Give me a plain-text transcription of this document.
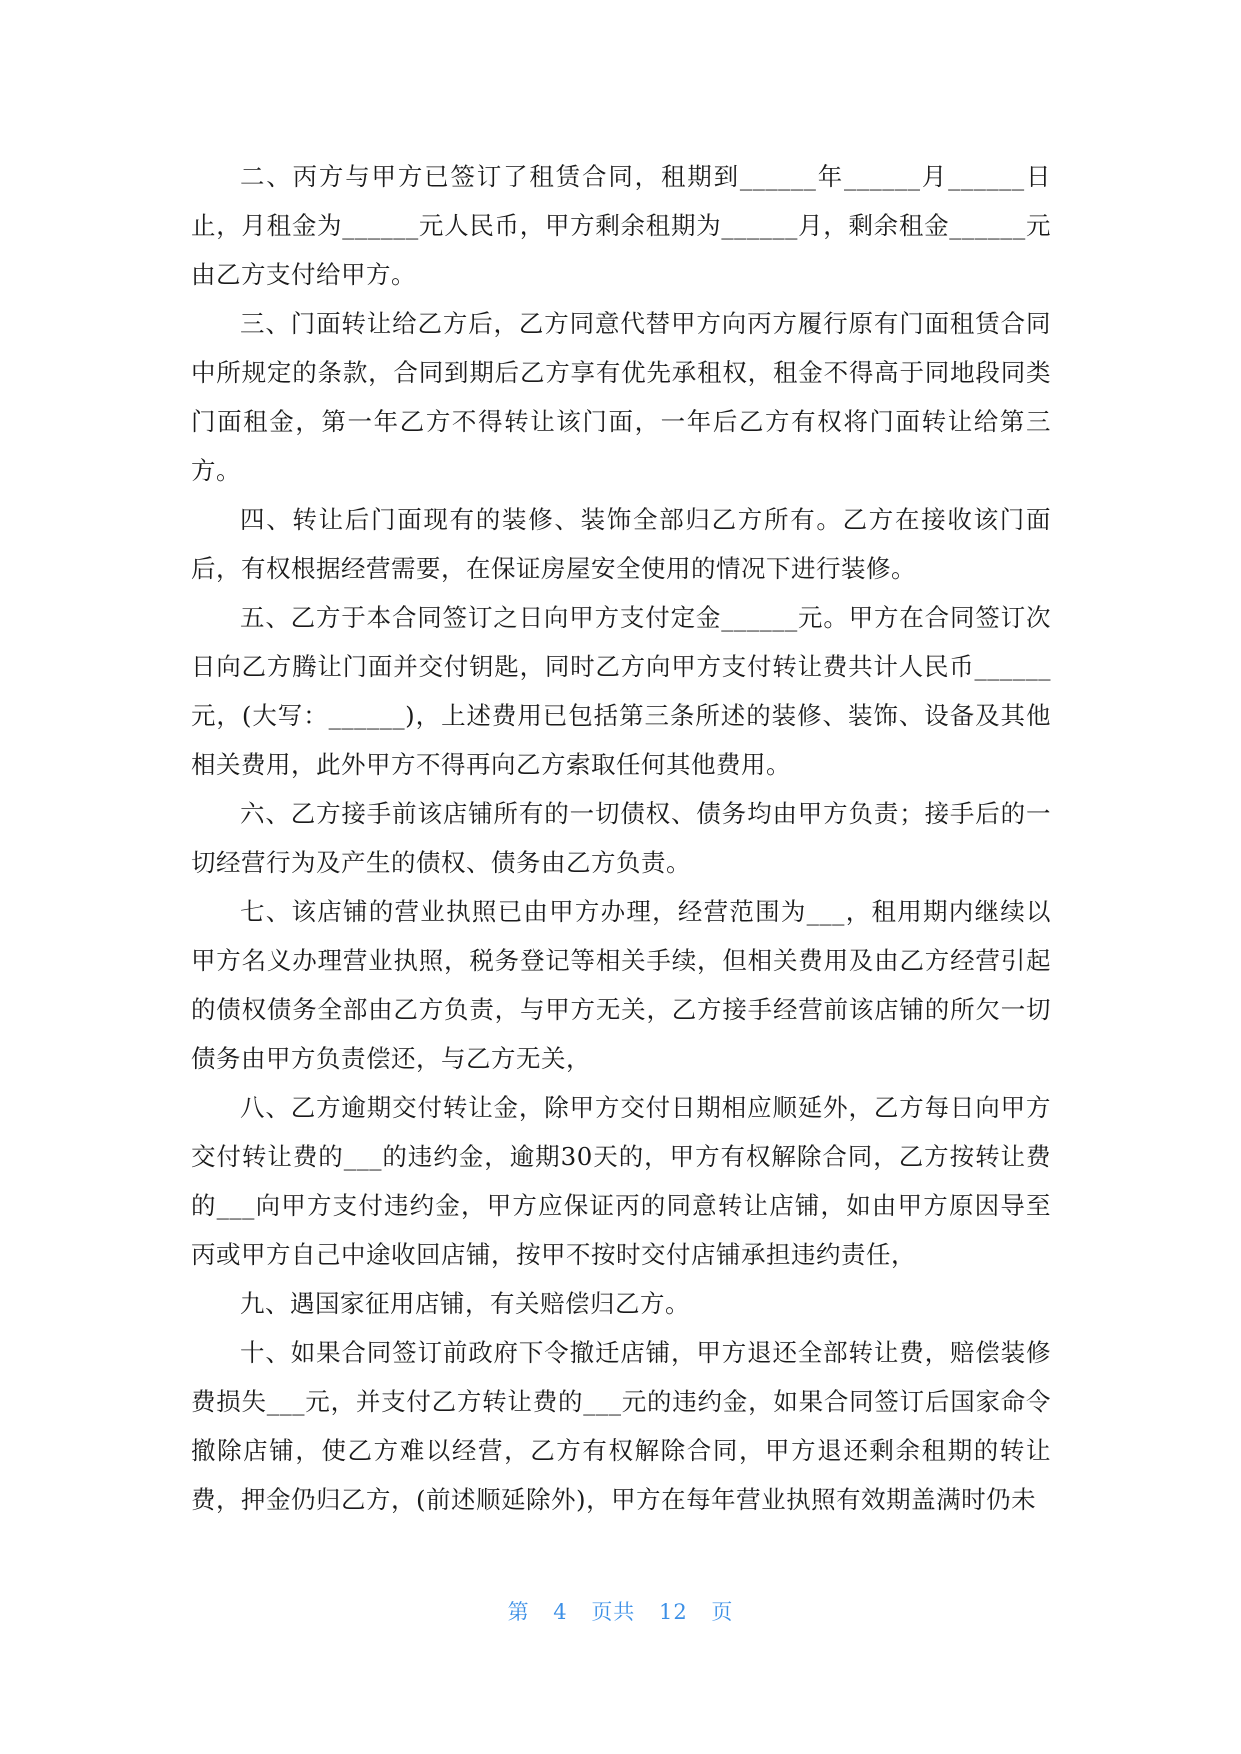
二、丙方与甲方已签订了租赁合同，租期到______年______月______日止，月租金为______元人民币，甲方剩余租期为______月，剩余租金______元由乙方支付给甲方。

三、门面转让给乙方后，乙方同意代替甲方向丙方履行原有门面租赁合同中所规定的条款，合同到期后乙方享有优先承租权，租金不得高于同地段同类门面租金，第一年乙方不得转让该门面，一年后乙方有权将门面转让给第三方。

四、转让后门面现有的装修、装饰全部归乙方所有。乙方在接收该门面后，有权根据经营需要，在保证房屋安全使用的情况下进行装修。

五、乙方于本合同签订之日向甲方支付定金______元。甲方在合同签订次日向乙方腾让门面并交付钥匙，同时乙方向甲方支付转让费共计人民币______元，(大写：______)，上述费用已包括第三条所述的装修、装饰、设备及其他相关费用，此外甲方不得再向乙方索取任何其他费用。

六、乙方接手前该店铺所有的一切债权、债务均由甲方负责；接手后的一切经营行为及产生的债权、债务由乙方负责。

七、该店铺的营业执照已由甲方办理，经营范围为___，租用期内继续以甲方名义办理营业执照，税务登记等相关手续，但相关费用及由乙方经营引起的债权债务全部由乙方负责，与甲方无关，乙方接手经营前该店铺的所欠一切债务由甲方负责偿还，与乙方无关，

八、乙方逾期交付转让金，除甲方交付日期相应顺延外，乙方每日向甲方交付转让费的___的违约金，逾期30天的，甲方有权解除合同，乙方按转让费的___向甲方支付违约金，甲方应保证丙的同意转让店铺，如由甲方原因导至丙或甲方自己中途收回店铺，按甲不按时交付店铺承担违约责任，

九、遇国家征用店铺，有关赔偿归乙方。

十、如果合同签订前政府下令撤迁店铺，甲方退还全部转让费，赔偿装修费损失___元，并支付乙方转让费的___元的违约金，如果合同签订后国家命令撤除店铺，使乙方难以经营，乙方有权解除合同，甲方退还剩余租期的转让费，押金仍归乙方，(前述顺延除外)，甲方在每年营业执照有效期盖满时仍未

第 4 页共 12 页
